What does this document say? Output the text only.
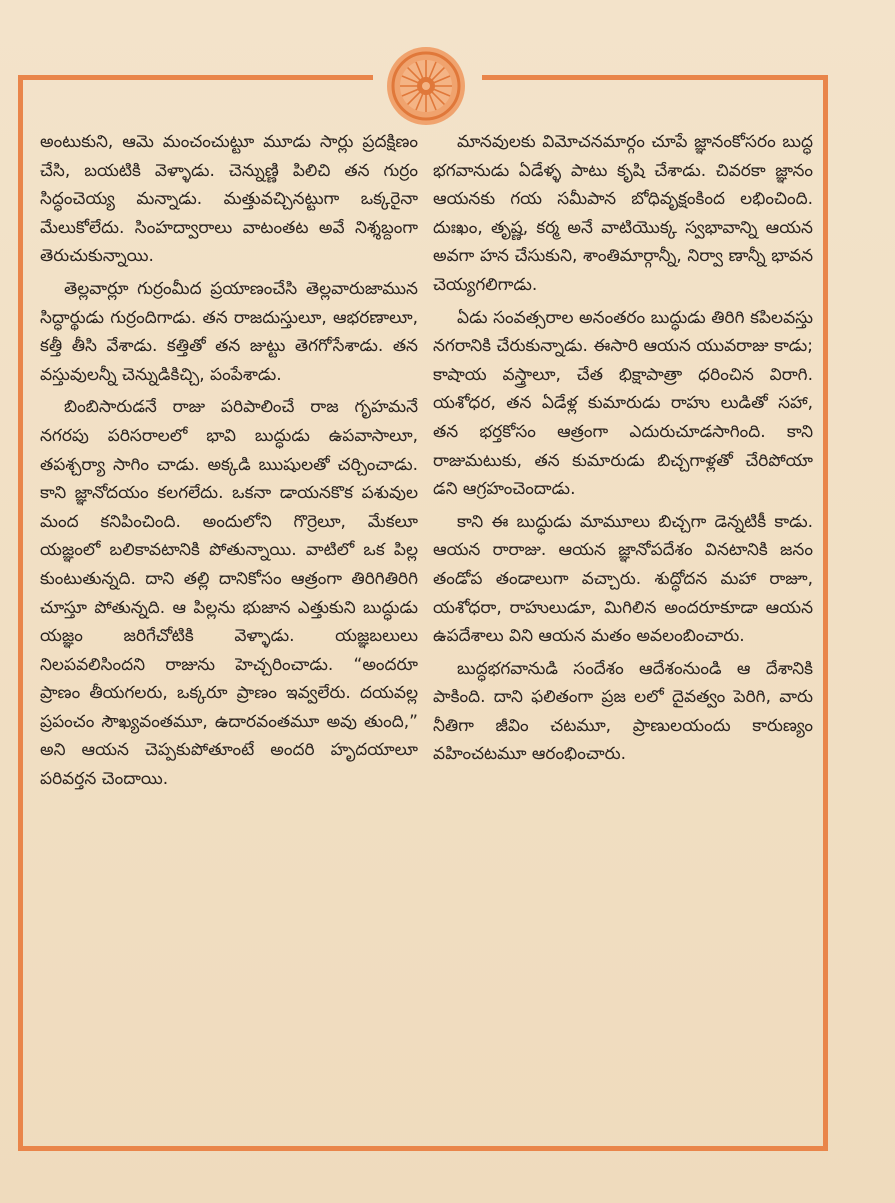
అంటుకుని, ఆమె మంచంచుట్టూ మూడు సార్లు ప్రదక్షిణం చేసి, బయటికి వెళ్ళాడు. చెన్నుణ్ణి పిలిచి తన గుర్రం సిద్ధంచెయ్య మన్నాడు. మత్తువచ్చినట్టుగా ఒక్కరైనా మేలుకోలేదు. సింహద్వారాలు వాటంతట అవే నిశ్శబ్దంగా తెరుచుకున్నాయి.

తెల్లవార్లూ గుర్రంమీద ప్రయాణంచేసి తెల్లవారుజామున సిద్ధార్థుడు గుర్రందిగాడు. తన రాజదుస్తులూ, ఆభరణాలూ, కత్తీ తీసి వేశాడు. కత్తితో తన జుట్టు తెగగోసేశాడు. తన వస్తువులన్నీ చెన్నుడికిచ్చి, పంపేశాడు.

బింబిసారుడనే రాజు పరిపాలించే రాజ గృహమనే నగరపు పరిసరాలలో భావి బుద్ధుడు ఉపవాసాలూ, తపశ్చర్యా సాగిం చాడు. అక్కడి ఋషులతో చర్చించాడు. కాని జ్ఞానోదయం కలగలేదు. ఒకనా డాయనకొక పశువుల మంద కనిపించింది. అందులోని గొర్రెలూ, మేకలూ యజ్ఞంలో బలికావటానికి పోతున్నాయి. వాటిలో ఒక పిల్ల కుంటుతున్నది. దాని తల్లి దానికోసం ఆత్రంగా తిరిగితిరిగి చూస్తూ పోతున్నది. ఆ పిల్లను భుజాన ఎత్తుకుని బుద్ధుడు యజ్ఞం జరిగేచోటికి వెళ్ళాడు. యజ్ఞబలులు నిలపవలిసిందని రాజును హెచ్చరించాడు. “అందరూ ప్రాణం తీయగలరు, ఒక్కరూ ప్రాణం ఇవ్వలేరు. దయవల్ల ప్రపంచం సౌఖ్యవంతమూ, ఉదారవంతమూ అవు తుంది,” అని ఆయన చెప్పకుపోతూంటే అందరి హృదయాలూ పరివర్తన చెందాయి.

మానవులకు విమోచనమార్గం చూపే జ్ఞానంకోసరం బుద్ధ భగవానుడు ఏడేళ్ళ పాటు కృషి చేశాడు. చివరకా జ్ఞానం ఆయనకు గయ సమీపాన బోధివృక్షంకింద లభించింది. దుఃఖం, తృష్ణ, కర్మ అనే వాటియొక్క స్వభావాన్ని ఆయన అవగా హన చేసుకుని, శాంతిమార్గాన్నీ, నిర్వా ణాన్నీ భావన చెయ్యగలిగాడు.

ఏడు సంవత్సరాల అనంతరం బుద్ధుడు తిరిగి కపిలవస్తు నగరానికి చేరుకున్నాడు. ఈసారి ఆయన యువరాజు కాడు; కాషాయ వస్త్రాలూ, చేత భిక్షాపాత్రా ధరించిన విరాగి. యశోధర, తన ఏడేళ్ల కుమారుడు రాహు లుడితో సహా, తన భర్తకోసం ఆత్రంగా ఎదురుచూడసాగింది. కాని రాజుమటుకు, తన కుమారుడు బిచ్చగాళ్లతో చేరిపోయా డని ఆగ్రహంచెందాడు.

కాని ఈ బుద్ధుడు మామూలు బిచ్చగా డెన్నటికీ కాడు. ఆయన రారాజు. ఆయన జ్ఞానోపదేశం వినటానికి జనం తండోప తండాలుగా వచ్చారు. శుద్ధోదన మహా రాజూ, యశోధరా, రాహులుడూ, మిగిలిన అందరూకూడా ఆయన ఉపదేశాలు విని ఆయన మతం అవలంబించారు.

బుద్ధభగవానుడి సందేశం ఆదేశంనుండి ఆ దేశానికి పాకింది. దాని ఫలితంగా ప్రజ లలో దైవత్వం పెరిగి, వారు నీతిగా జీవిం చటమూ, ప్రాణులయందు కారుణ్యం వహించటమూ ఆరంభించారు.
